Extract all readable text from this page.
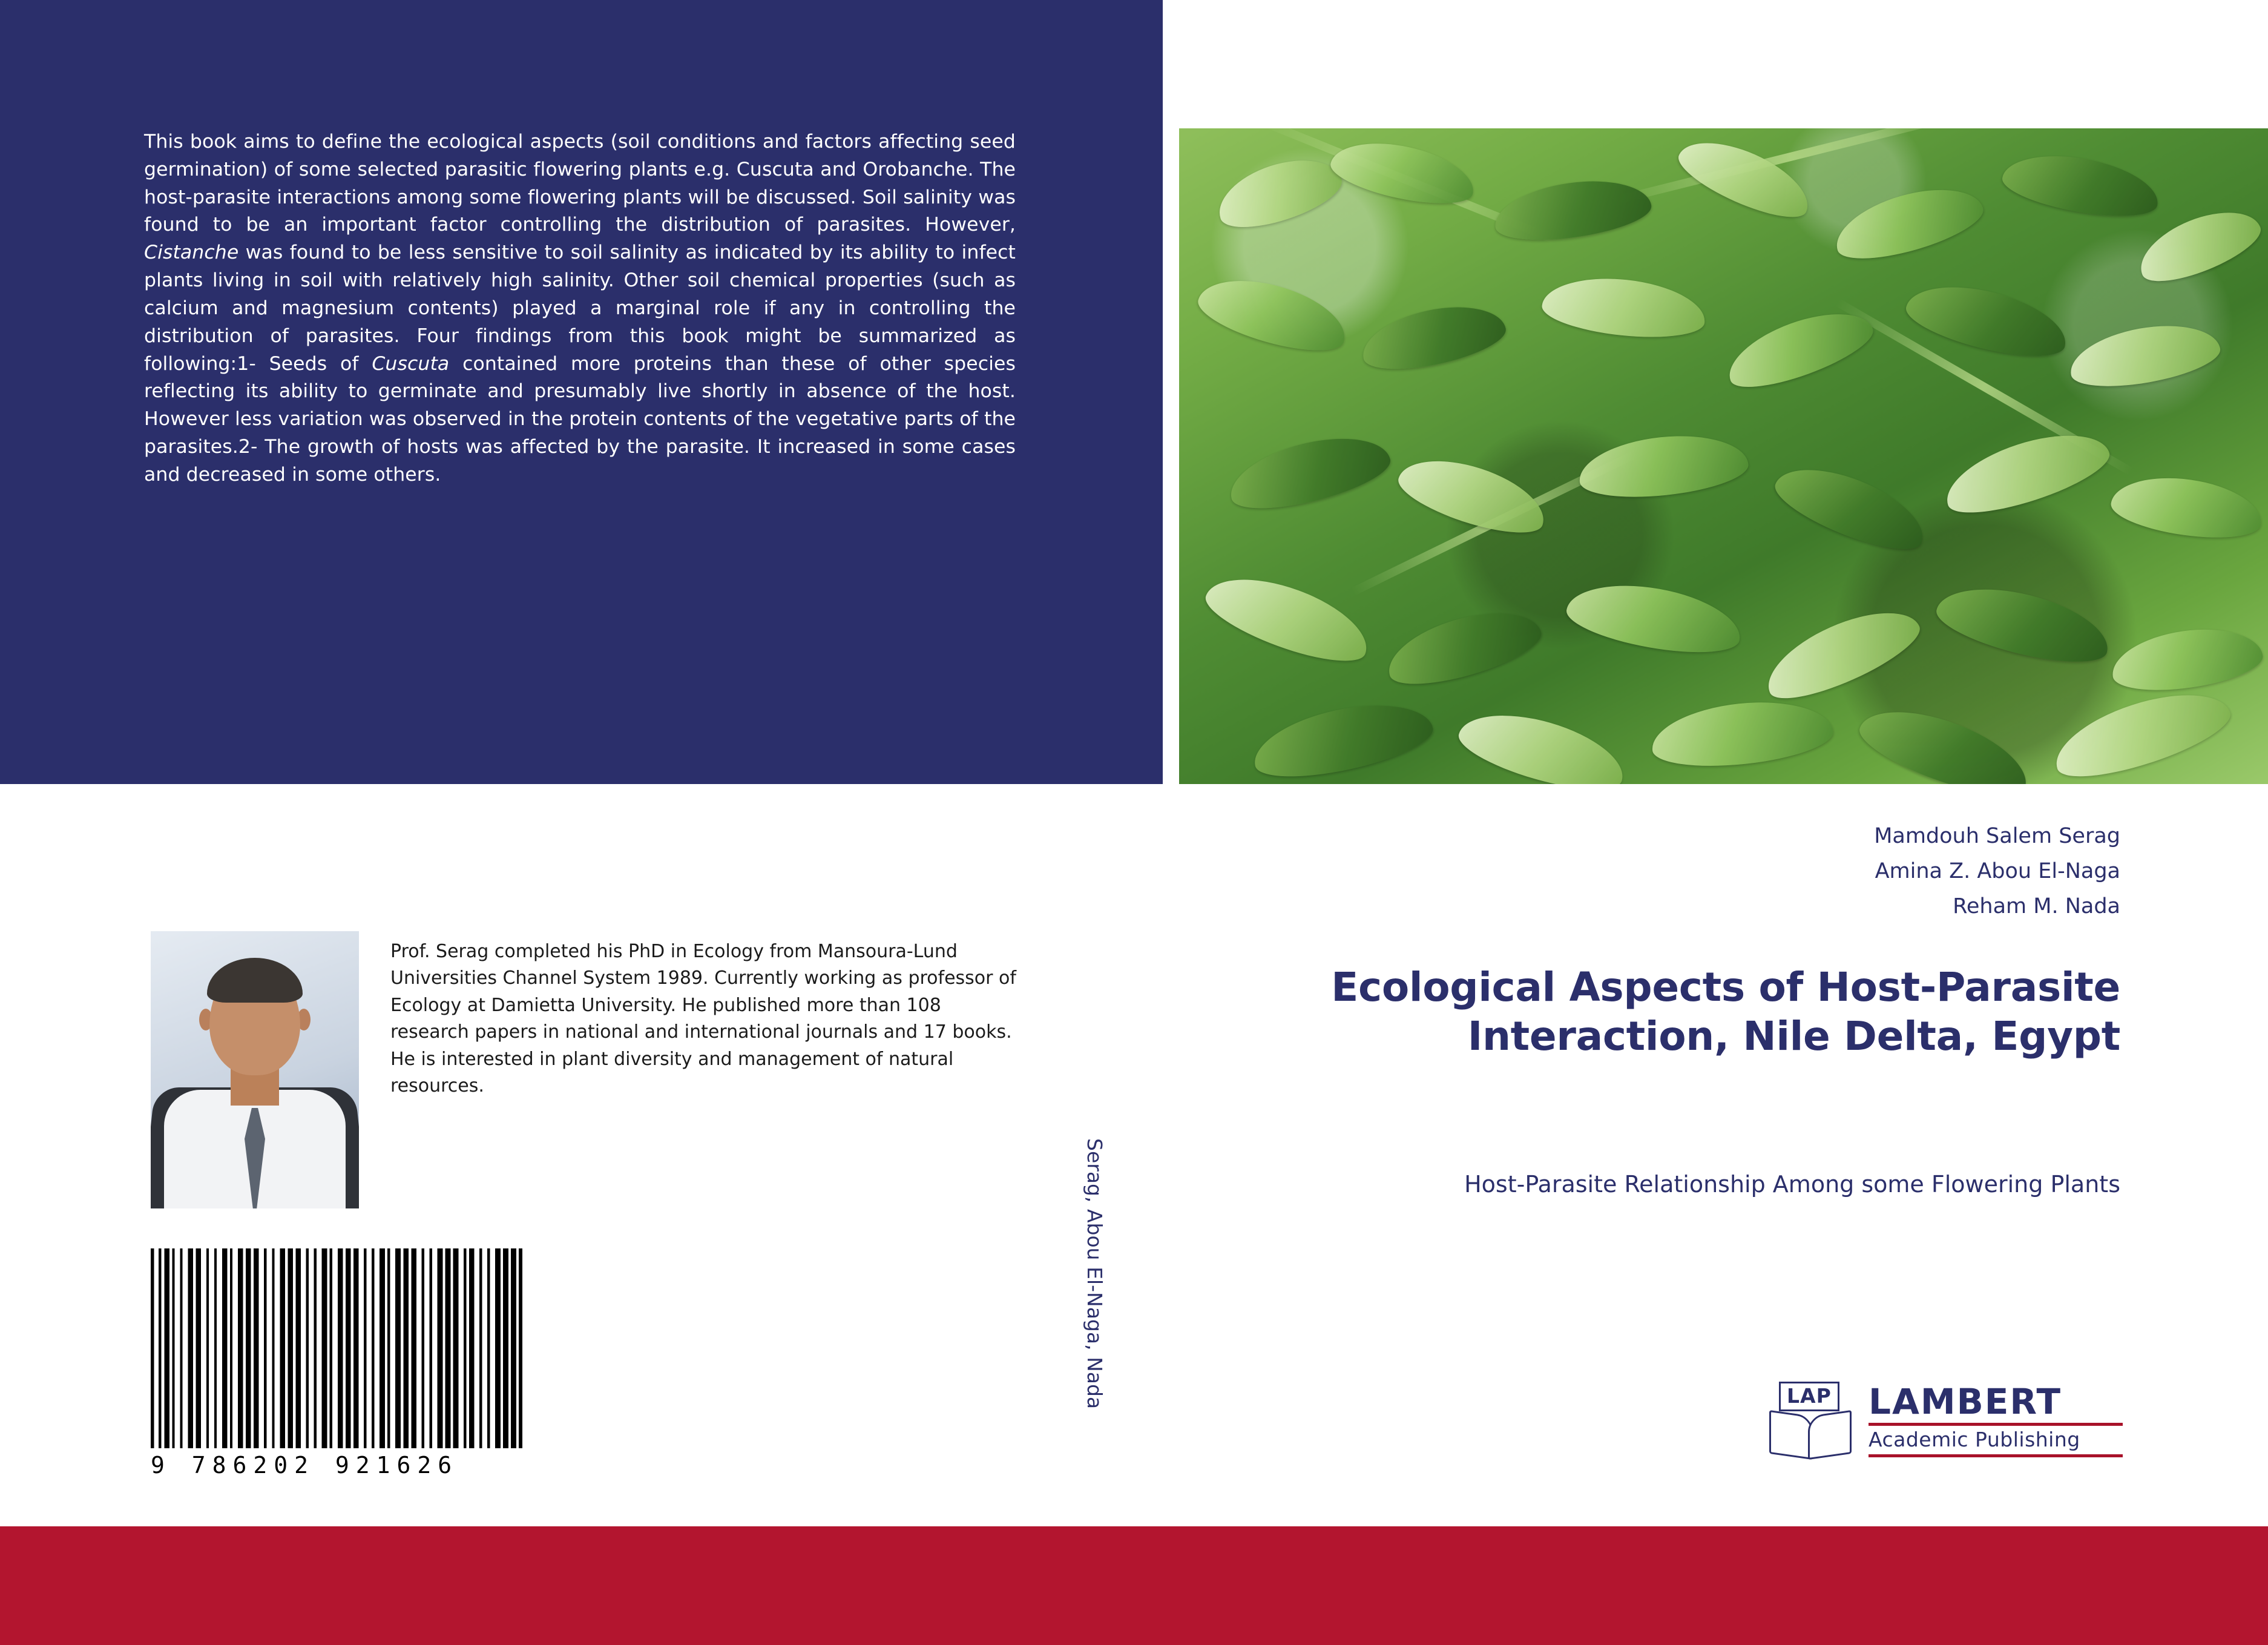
This book aims to define the ecological aspects (soil conditions and factors affecting seed germination) of some selected parasitic flowering plants e.g. Cuscuta and Orobanche. The host-parasite interactions among some flowering plants will be discussed. Soil salinity was found to be an important factor controlling the distribution of parasites. However, Cistanche was found to be less sensitive to soil salinity as indicated by its ability to infect plants living in soil with relatively high salinity. Other soil chemical properties (such as calcium and magnesium contents) played a marginal role if any in controlling the distribution of parasites. Four findings from this book might be summarized as following:1- Seeds of Cuscuta contained more proteins than these of other species reflecting its ability to germinate and presumably live shortly in absence of the host. However less variation was observed in the protein contents of the vegetative parts of the parasites.2- The growth of hosts was affected by the parasite. It increased in some cases and decreased in some others.
Mamdouh Salem Serag
Amina Z. Abou El-Naga
Reham M. Nada
Ecological Aspects of Host-Parasite Interaction, Nile Delta, Egypt
Host-Parasite Relationship Among some Flowering Plants
LAP LAMBERT
Academic Publishing
Serag, Abou El-Naga, Nada
Prof. Serag completed his PhD in Ecology from Mansoura-Lund Universities Channel System 1989. Currently working as professor of Ecology at Damietta University. He published more than 108 research papers in national and international journals and 17 books. He is interested in plant diversity and management of natural resources.
9 786202 921626
